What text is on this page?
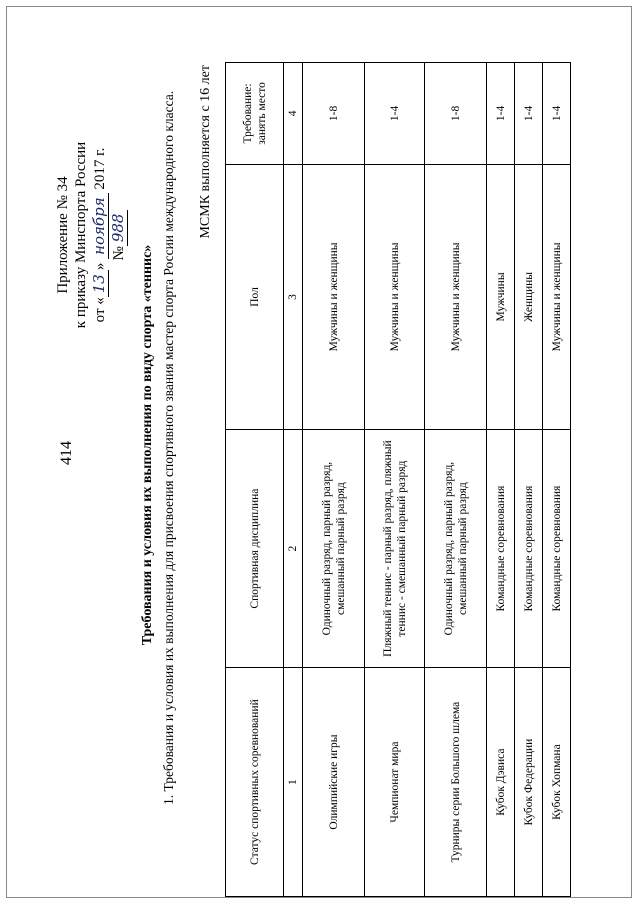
414
Приложение № 34 к приказу Минспорта России от «13» ноября 2017 г. №988
Требования и условия их выполнения по виду спорта «теннис» 1. Требования и условия их выполнения для присвоения спортивного звания мастер спорта России международного класса. МСМК выполняется с 16 лет
Статус спортивных соревнований	Спортивная дисциплина	Пол	Требование: занять место
1	2	3	4
Олимпийские игры	Одиночный разряд, парный разряд, смешанный парный разряд	Мужчины и женщины	1-8
Чемпионат мира	Пляжный теннис - парный разряд, пляжный теннис - смешанный парный разряд	Мужчины и женщины	1-4
Турниры серии Большого шлема	Одиночный разряд, парный разряд, смешанный парный разряд	Мужчины и женщины	1-8
Кубок Дэвиса	Командные соревнования	Мужчины	1-4
Кубок Федерации	Командные соревнования	Женщины	1-4
Кубок Хопмана	Командные соревнования	Мужчины и женщины	1-4
